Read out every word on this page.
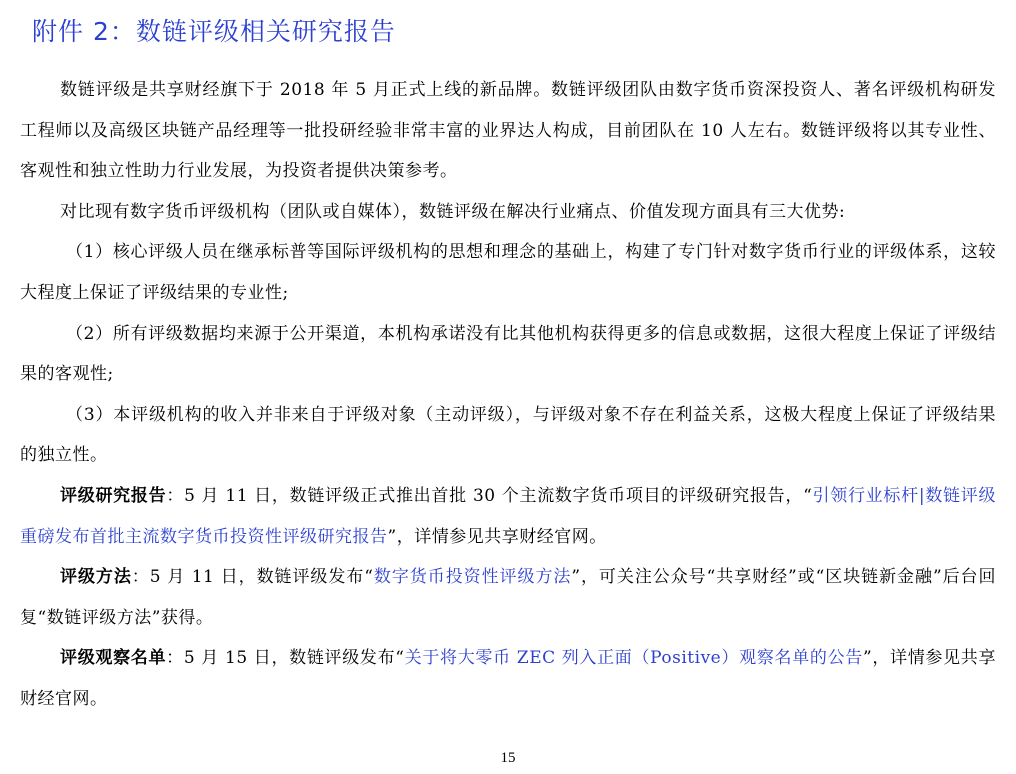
附件 2：数链评级相关研究报告

数链评级是共享财经旗下于 2018 年 5 月正式上线的新品牌。数链评级团队由数字货币资深投资人、著名评级机构研发工程师以及高级区块链产品经理等一批投研经验非常丰富的业界达人构成，目前团队在 10 人左右。数链评级将以其专业性、客观性和独立性助力行业发展，为投资者提供决策参考。

对比现有数字货币评级机构（团队或自媒体），数链评级在解决行业痛点、价值发现方面具有三大优势:

（1）核心评级人员在继承标普等国际评级机构的思想和理念的基础上，构建了专门针对数字货币行业的评级体系，这较大程度上保证了评级结果的专业性;

（2）所有评级数据均来源于公开渠道，本机构承诺没有比其他机构获得更多的信息或数据，这很大程度上保证了评级结果的客观性;

（3）本评级机构的收入并非来自于评级对象（主动评级），与评级对象不存在利益关系，这极大程度上保证了评级结果的独立性。

评级研究报告：5 月 11 日，数链评级正式推出首批 30 个主流数字货币项目的评级研究报告，“引领行业标杆|数链评级重磅发布首批主流数字货币投资性评级研究报告”，详情参见共享财经官网。

评级方法：5 月 11 日，数链评级发布“数字货币投资性评级方法”，可关注公众号“共享财经”或“区块链新金融”后台回复“数链评级方法”获得。

评级观察名单：5 月 15 日，数链评级发布“关于将大零币 ZEC 列入正面（Positive）观察名单的公告”，详情参见共享财经官网。

15
